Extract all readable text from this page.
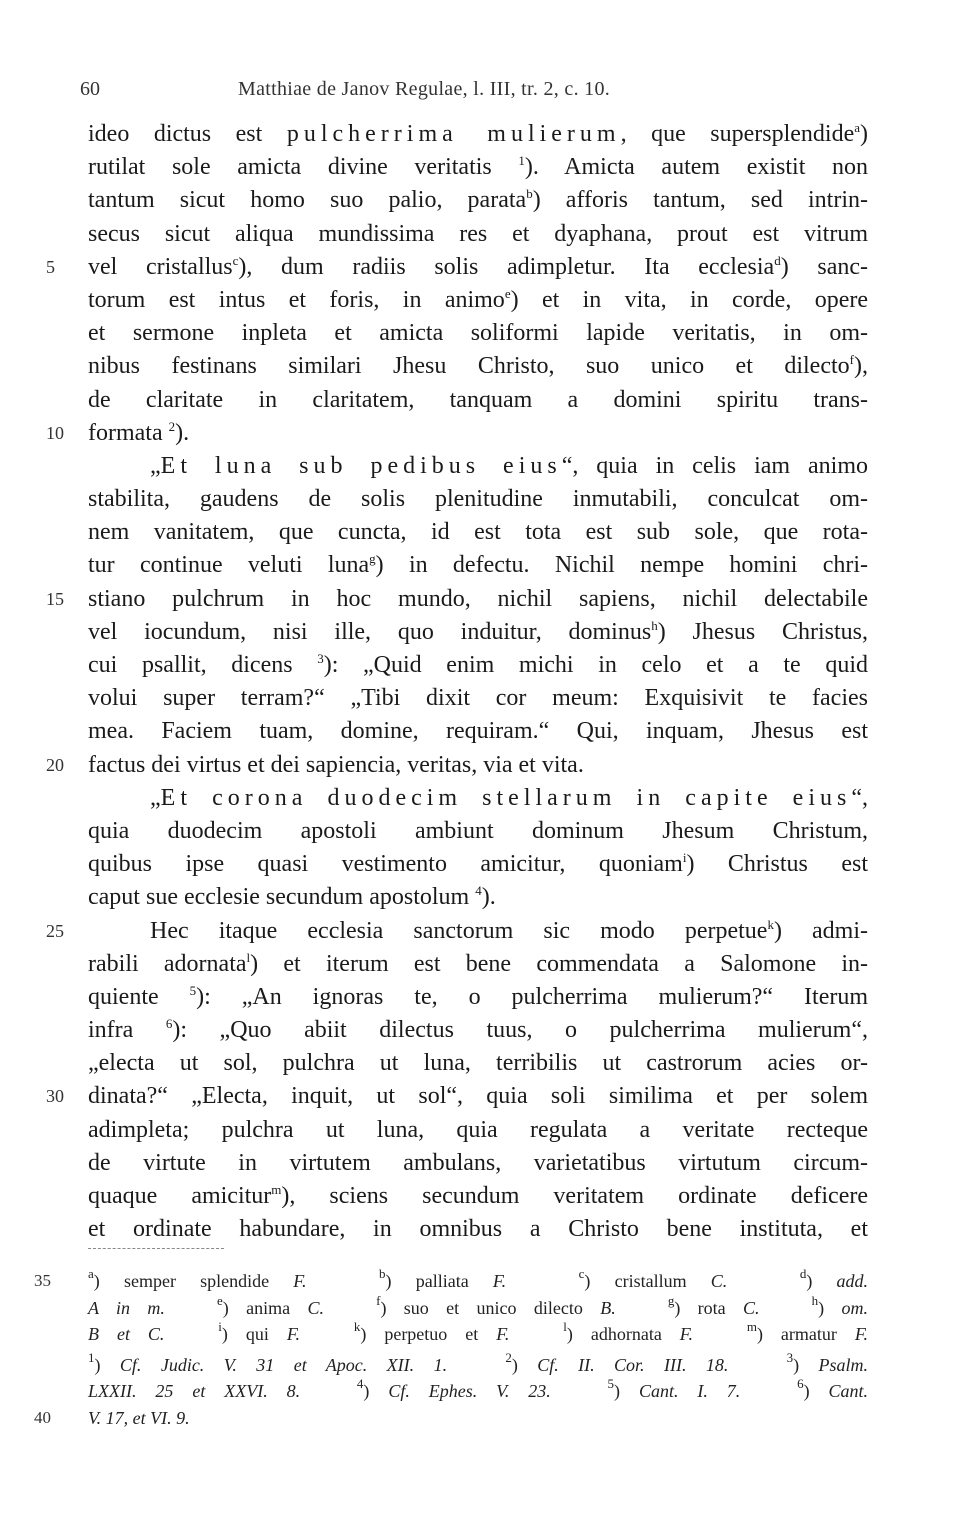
60	Matthiae de Janov Regulae, l. III, tr. 2, c. 10.
ideo dictus est pulcherrima mulierum, que supersplendide$^a$)
rutilat sole amicta divine veritatis $^1$). Amicta autem existit non
tantum sicut homo suo palio, parata$^b$) afforis tantum, sed intrin-
secus sicut aliqua mundissima res et dyaphana, prout est vitrum
5	vel cristallus$^c$), dum radiis solis adimpletur. Ita ecclesia$^d$) sanc-
torum est intus et foris, in animo$^e$) et in vita, in corde, opere
et sermone inpleta et amicta soliformi lapide veritatis, in om-
nibus festinans similari Jhesu Christo, suo unico et dilecto$^f$),
de claritate in claritatem, tanquam a domini spiritu trans-
10	formata $^2$).
„Et luna sub pedibus eius“, quia in celis iam animo
stabilita, gaudens de solis plenitudine inmutabili, conculcat om-
nem vanitatem, que cuncta, id est tota est sub sole, que rota-
tur continue veluti luna$^g$) in defectu. Nichil nempe homini chri-
15	stiano pulchrum in hoc mundo, nichil sapiens, nichil delectabile
vel iocundum, nisi ille, quo induitur, dominus$^h$) Jhesus Christus,
cui psallit, dicens $^3$): „Quid enim michi in celo et a te quid
volui super terram?“ „Tibi dixit cor meum: Exquisivit te facies
mea. Faciem tuam, domine, requiram.“ Qui, inquam, Jhesus est
20	factus dei virtus et dei sapiencia, veritas, via et vita.
„Et corona duodecim stellarum in capite eius“,
quia duodecim apostoli ambiunt dominum Jhesum Christum,
quibus ipse quasi vestimento amicitur, quoniam$^i$) Christus est
caput sue ecclesie secundum apostolum $^4$).
25	Hec itaque ecclesia sanctorum sic modo perpetue$^k$) admi-
rabili adornata$^l$) et iterum est bene commendata a Salomone in-
quiente $^5$): „An ignoras te, o pulcherrima mulierum?“ Iterum
infra $^6$): „Quo abiit dilectus tuus, o pulcherrima mulierum“,
„electa ut sol, pulchra ut luna, terribilis ut castrorum acies or-
30	dinata?“ „Electa, inquit, ut sol“, quia soli similima et per solem
adimpleta; pulchra ut luna, quia regulata a veritate recteque
de virtute in virtutem ambulans, varietatibus virtutum circum-
quaque amicitur$^m$), sciens secundum veritatem ordinate deficere
et ordinate habundare, in omnibus a Christo bene instituta, et
35	$^a$) semper splendide F.	$^b$) palliata F.	$^c$) cristallum C.	$^d$) add.
A in m.	$^e$) anima C.	$^f$) suo et unico dilecto B.	$^g$) rota C.	$^h$) om.
B et C.	$^i$) qui F.	$^k$) perpetuo et F.	$^l$) adhornata F.	$^m$) armatur F.
$^1$) Cf. Judic. V. 31 et Apoc. XII. 1.	$^2$) Cf. II. Cor. III. 18.	$^3$) Psalm.
LXXII. 25 et XXVI. 8.	$^4$) Cf. Ephes. V. 23.	$^5$) Cant. I. 7.	$^6$) Cant.
40	V. 17, et VI. 9.
